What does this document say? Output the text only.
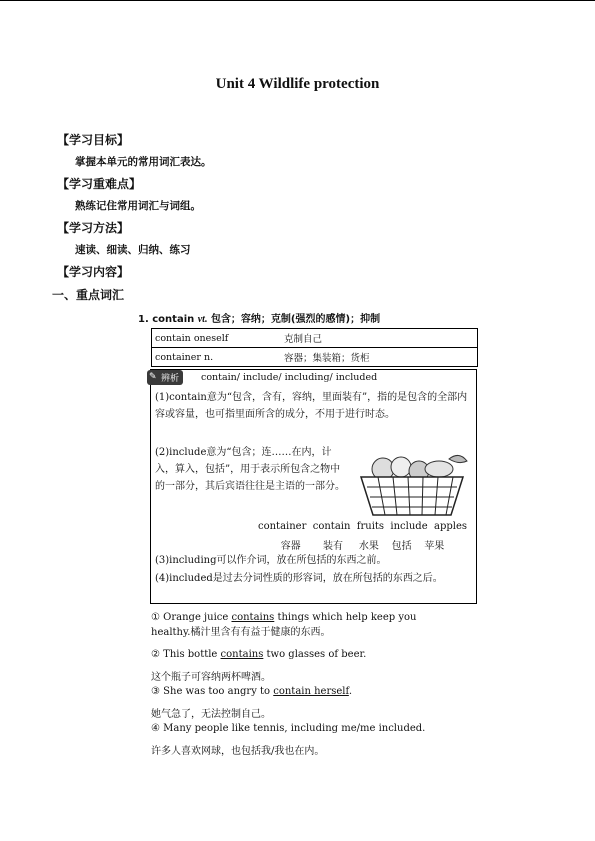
Unit 4 Wildlife protection
【学习目标】
掌握本单元的常用词汇表达。
【学习重难点】
熟练记住常用词汇与词组。
【学习方法】
速读、细读、归纳、练习
【学习内容】
一、重点词汇
1. contain vt. 包含；容纳；克制(强烈的感情)；抑制
contain oneself	克制自己
container n.	容器；集装箱；货柜
辨析
✎	contain/ include/ including/ included
(1)contain意为“包含，含有，容纳，里面装有”，指的是包含的全部内容或容量，也可指里面所含的成分，不用于进行时态。
(2)include意为“包含；连……在内，计入，算入，包括”，用于表示所包含之物中的一部分，其后宾语往往是主语的一部分。
container contain fruits include apples
容器 装有 水果 包括 苹果
(3)including可以作介词，放在所包括的东西之前。
(4)included是过去分词性质的形容词，放在所包括的东西之后。
① Orange juice contains things which help keep you
healthy.橘汁里含有有益于健康的东西。
② This bottle contains two glasses of beer.
这个瓶子可容纳两杯啤酒。
③ She was too angry to contain herself.
她气急了，无法控制自己。
④ Many people like tennis, including me/me included.
许多人喜欢网球，也包括我/我也在内。
